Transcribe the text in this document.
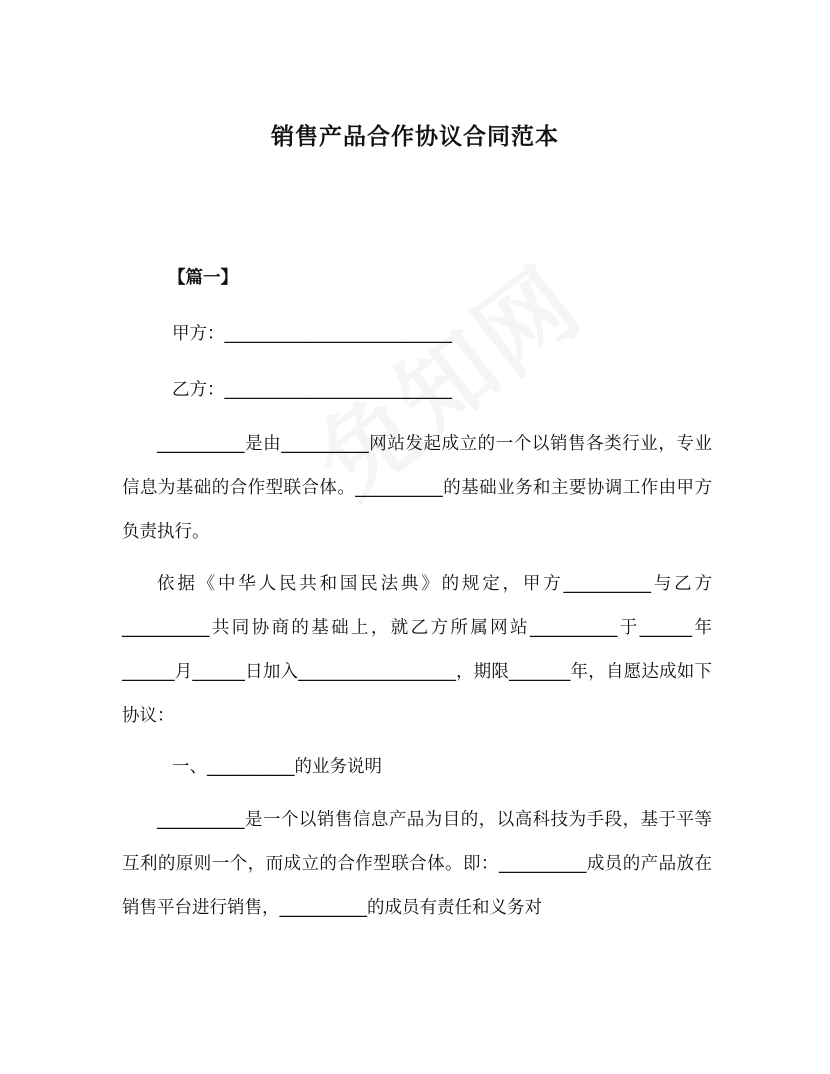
销售产品合作协议合同范本
【篇一】
甲方：__________________________
乙方：__________________________
__________是由__________网站发起成立的一个以销售各类行业，专业信息为基础的合作型联合体。__________的基础业务和主要协调工作由甲方负责执行。
依据《中华人民共和国民法典》的规定，甲方__________与乙方__________共同协商的基础上，就乙方所属网站__________于______年______月______日加入__________________，期限_______年，自愿达成如下协议：
一、__________的业务说明
__________是一个以销售信息产品为目的，以高科技为手段，基于平等互利的原则一个，而成立的合作型联合体。即：__________成员的产品放在销售平台进行销售，__________的成员有责任和义务对
